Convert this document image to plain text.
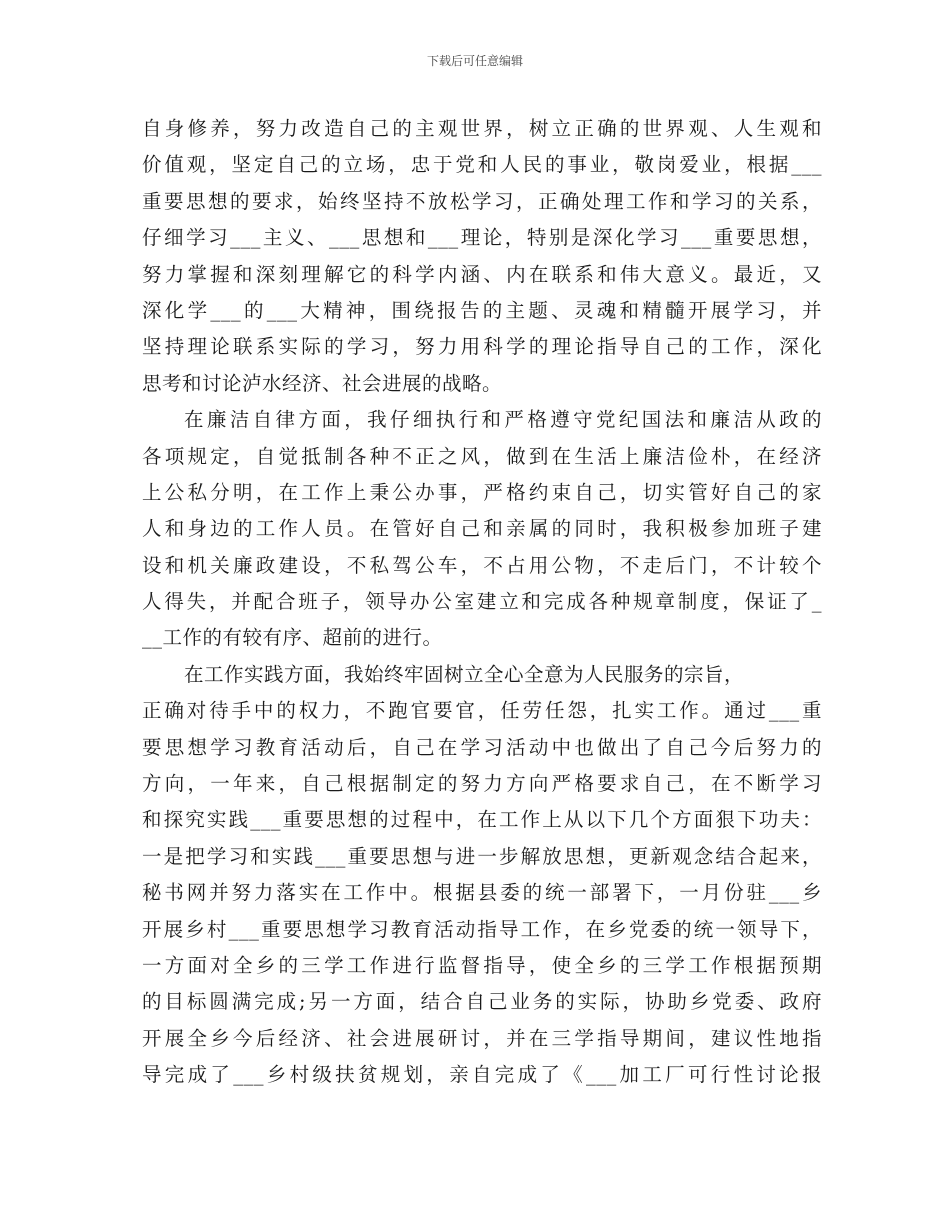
下载后可任意编辑
自身修养，努力改造自己的主观世界，树立正确的世界观、人生观和
价值观，坚定自己的立场，忠于党和人民的事业，敬岗爱业，根据___
重要思想的要求，始终坚持不放松学习，正确处理工作和学习的关系，
仔细学习___主义、___思想和___理论，特别是深化学习___重要思想，
努力掌握和深刻理解它的科学内涵、内在联系和伟大意义。最近，又
深化学___的___大精神，围绕报告的主题、灵魂和精髓开展学习，并
坚持理论联系实际的学习，努力用科学的理论指导自己的工作，深化
思考和讨论泸水经济、社会进展的战略。
在廉洁自律方面，我仔细执行和严格遵守党纪国法和廉洁从政的
各项规定，自觉抵制各种不正之风，做到在生活上廉洁俭朴，在经济
上公私分明，在工作上秉公办事，严格约束自己，切实管好自己的家
人和身边的工作人员。在管好自己和亲属的同时，我积极参加班子建
设和机关廉政建设，不私驾公车，不占用公物，不走后门，不计较个
人得失，并配合班子，领导办公室建立和完成各种规章制度，保证了_
__工作的有较有序、超前的进行。
在工作实践方面，我始终牢固树立全心全意为人民服务的宗旨，
正确对待手中的权力，不跑官要官，任劳任怨，扎实工作。通过___重
要思想学习教育活动后，自己在学习活动中也做出了自己今后努力的
方向，一年来，自己根据制定的努力方向严格要求自己，在不断学习
和探究实践___重要思想的过程中，在工作上从以下几个方面狠下功夫：
一是把学习和实践___重要思想与进一步解放思想，更新观念结合起来，
秘书网并努力落实在工作中。根据县委的统一部署下，一月份驻___乡
开展乡村___重要思想学习教育活动指导工作，在乡党委的统一领导下，
一方面对全乡的三学工作进行监督指导，使全乡的三学工作根据预期
的目标圆满完成;另一方面，结合自己业务的实际，协助乡党委、政府
开展全乡今后经济、社会进展研讨，并在三学指导期间，建议性地指
导完成了___乡村级扶贫规划，亲自完成了《___加工厂可行性讨论报
